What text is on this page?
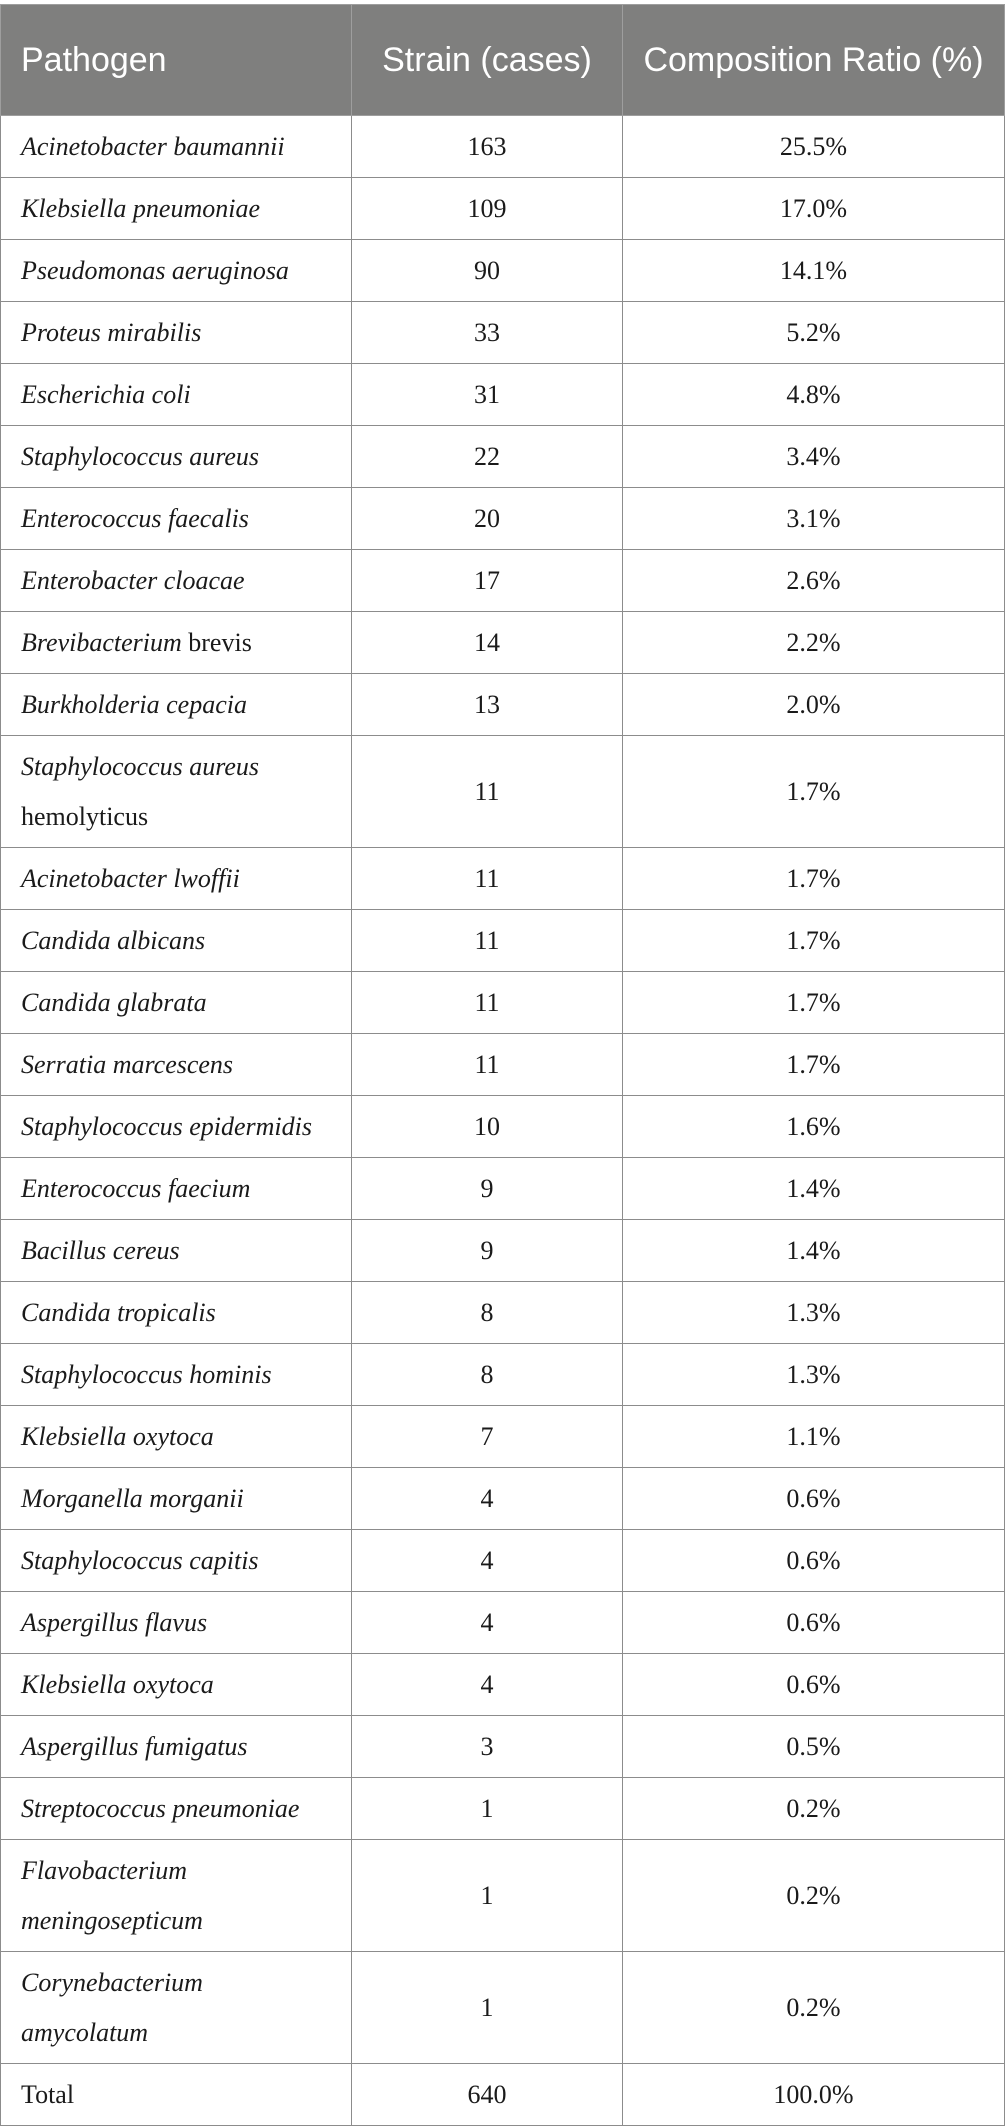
Pathogen	Strain (cases)	Composition Ratio (%)
Acinetobacter baumannii	163	25.5%
Klebsiella pneumoniae	109	17.0%
Pseudomonas aeruginosa	90	14.1%
Proteus mirabilis	33	5.2%
Escherichia coli	31	4.8%
Staphylococcus aureus	22	3.4%
Enterococcus faecalis	20	3.1%
Enterobacter cloacae	17	2.6%
Brevibacterium brevis	14	2.2%
Burkholderia cepacia	13	2.0%
Staphylococcus aureus hemolyticus	11	1.7%
Acinetobacter lwoffii	11	1.7%
Candida albicans	11	1.7%
Candida glabrata	11	1.7%
Serratia marcescens	11	1.7%
Staphylococcus epidermidis	10	1.6%
Enterococcus faecium	9	1.4%
Bacillus cereus	9	1.4%
Candida tropicalis	8	1.3%
Staphylococcus hominis	8	1.3%
Klebsiella oxytoca	7	1.1%
Morganella morganii	4	0.6%
Staphylococcus capitis	4	0.6%
Aspergillus flavus	4	0.6%
Klebsiella oxytoca	4	0.6%
Aspergillus fumigatus	3	0.5%
Streptococcus pneumoniae	1	0.2%
Flavobacterium meningosepticum	1	0.2%
Corynebacterium amycolatum	1	0.2%
Total	640	100.0%
